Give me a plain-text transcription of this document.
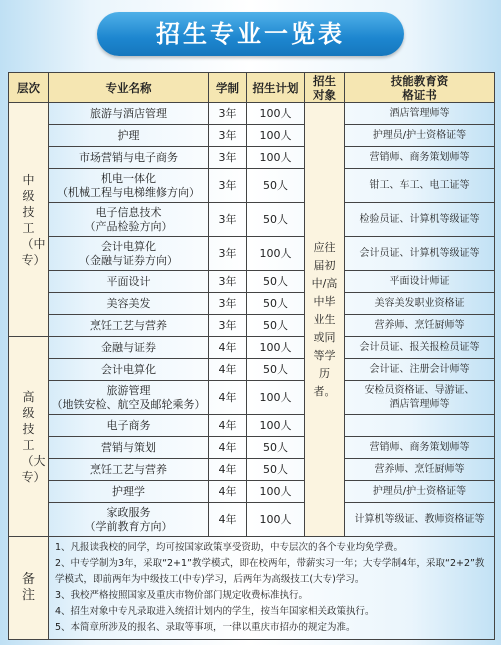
招生专业一览表
层次	专业名称	学制	招生计划	招生对象	技能教育资格证书
中级技工（中专）	旅游与酒店管理	3年	100人	应往届初中/高中毕业生或同等学历者。	酒店管理师等
	护理	3年	100人		护理员/护士资格证等
	市场营销与电子商务	3年	100人		营销师、商务策划师等
	机电一体化
（机械工程与电梯维修方向）	3年	50人		钳工、车工、电工证等
	电子信息技术
（产品检验方向）	3年	50人		检验员证、计算机等级证等
	会计电算化
（金融与证券方向）	3年	100人		会计员证、计算机等级证等
	平面设计	3年	50人		平面设计师证
	美容美发	3年	50人		美容美发职业资格证
	烹饪工艺与营养	3年	50人		营养师、烹饪厨师等
高级技工（大专）	金融与证券	4年	100人		会计员证、报关报检员证等
	会计电算化	4年	50人		会计证、注册会计师等
	旅游管理
（地铁安检、航空及邮轮乘务）	4年	100人		安检员资格证、导游证、
酒店管理师等
	电子商务	4年	100人		
	营销与策划	4年	50人		营销师、商务策划师等
	烹饪工艺与营养	4年	50人		营养师、烹饪厨师等
	护理学	4年	100人		护理员/护士资格证等
	家政服务
（学前教育方向）	4年	100人		计算机等级证、教师资格证等
备注	1、凡报读我校的同学，均可按国家政策享受资助，中专层次的各个专业均免学费。

2、中专学制为3年，采取“2+1”教学模式，即在校两年，带薪实习一年；大专学制4年，采取“2+2”教学模式，即前两年为中级技工(中专)学习，后两年为高级技工(大专)学习。

3、我校严格按照国家及重庆市物价部门规定收费标准执行。

4、招生对象中专凡录取进入统招计划内的学生，按当年国家相关政策执行。

5、本简章所涉及的报名、录取等事项，一律以重庆市招办的规定为准。				
